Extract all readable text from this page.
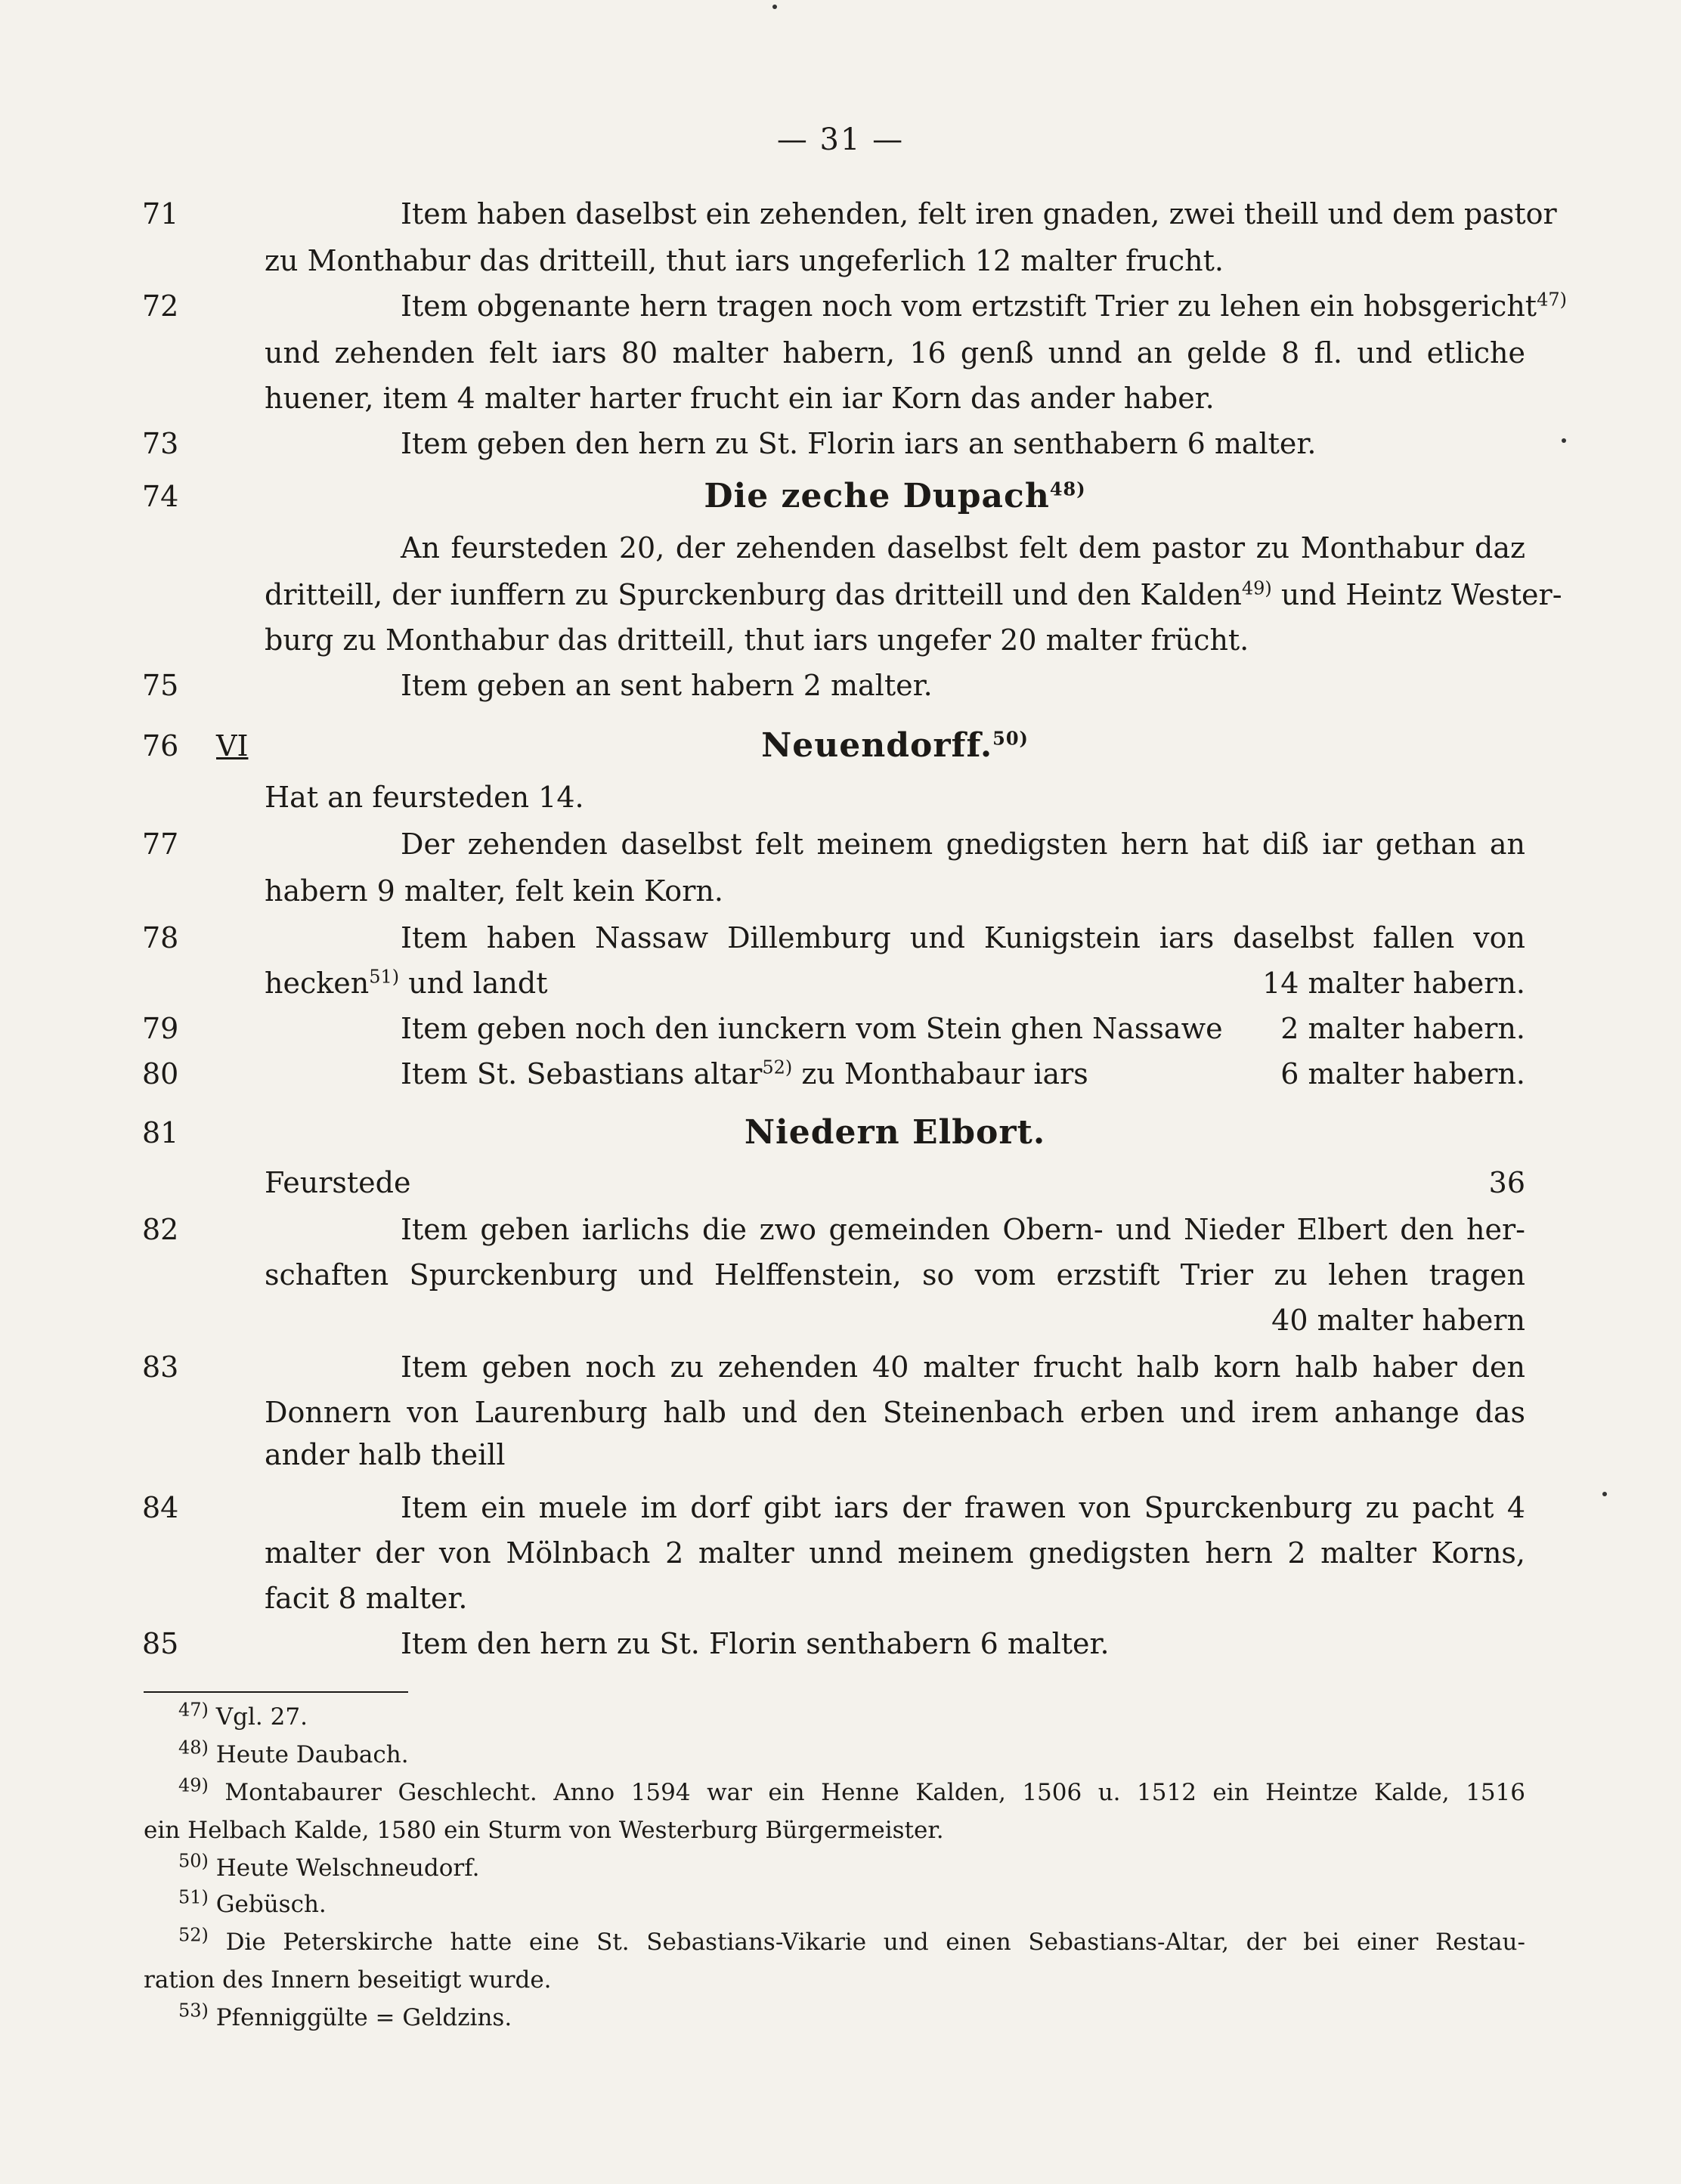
— 31 —
71	Item haben daselbst ein zehenden, felt iren gnaden, zwei theill und dem pastor
zu Monthabur das dritteill, thut iars ungeferlich 12 malter frucht.
72	Item obgenante hern tragen noch vom ertzstift Trier zu lehen ein hobsgericht$^{47)}$
und zehenden felt iars 80 malter habern, 16 genß unnd an gelde 8 fl. und etliche
huener, item 4 malter harter frucht ein iar Korn das ander haber.
73	Item geben den hern zu St. Florin iars an senthabern 6 malter.
74	Die zeche Dupach$^{48)}$
An feursteden 20, der zehenden daselbst felt dem pastor zu Monthabur daz
dritteill, der iunffern zu Spurckenburg das dritteill und den Kalden$^{49)}$ und Heintz Wester-
burg zu Monthabur das dritteill, thut iars ungefer 20 malter frücht.
75	Item geben an sent habern 2 malter.
76	VI	Neuendorff.$^{50)}$
Hat an feursteden 14.
77	Der zehenden daselbst felt meinem gnedigsten hern hat diß iar gethan an
habern 9 malter, felt kein Korn.
78	Item haben Nassaw Dillemburg und Kunigstein iars daselbst fallen von
hecken$^{51)}$ und landt	14 malter habern.
79	Item geben noch den iunckern vom Stein ghen Nassawe	2 malter habern.
80	Item St. Sebastians altar$^{52)}$ zu Monthabaur iars	6 malter habern.
81	Niedern Elbort.
Feurstede	36
82	Item geben iarlichs die zwo gemeinden Obern- und Nieder Elbert den her-
schaften Spurckenburg und Helffenstein, so vom erzstift Trier zu lehen tragen
40 malter habern
83	Item geben noch zu zehenden 40 malter frucht halb korn halb haber den
Donnern von Laurenburg halb und den Steinenbach erben und irem anhange das
ander halb theill
84	Item ein muele im dorf gibt iars der frawen von Spurckenburg zu pacht 4
malter der von Mölnbach 2 malter unnd meinem gnedigsten hern 2 malter Korns,
facit 8 malter.
85	Item den hern zu St. Florin senthabern 6 malter.
$^{47)}$ Vgl. 27.
$^{48)}$ Heute Daubach.
$^{49)}$ Montabaurer Geschlecht. Anno 1594 war ein Henne Kalden, 1506 u. 1512 ein Heintze Kalde, 1516
ein Helbach Kalde, 1580 ein Sturm von Westerburg Bürgermeister.
$^{50)}$ Heute Welschneudorf.
$^{51)}$ Gebüsch.
$^{52)}$ Die Peterskirche hatte eine St. Sebastians-Vikarie und einen Sebastians-Altar, der bei einer Restau-
ration des Innern beseitigt wurde.
$^{53)}$ Pfenniggülte = Geldzins.
